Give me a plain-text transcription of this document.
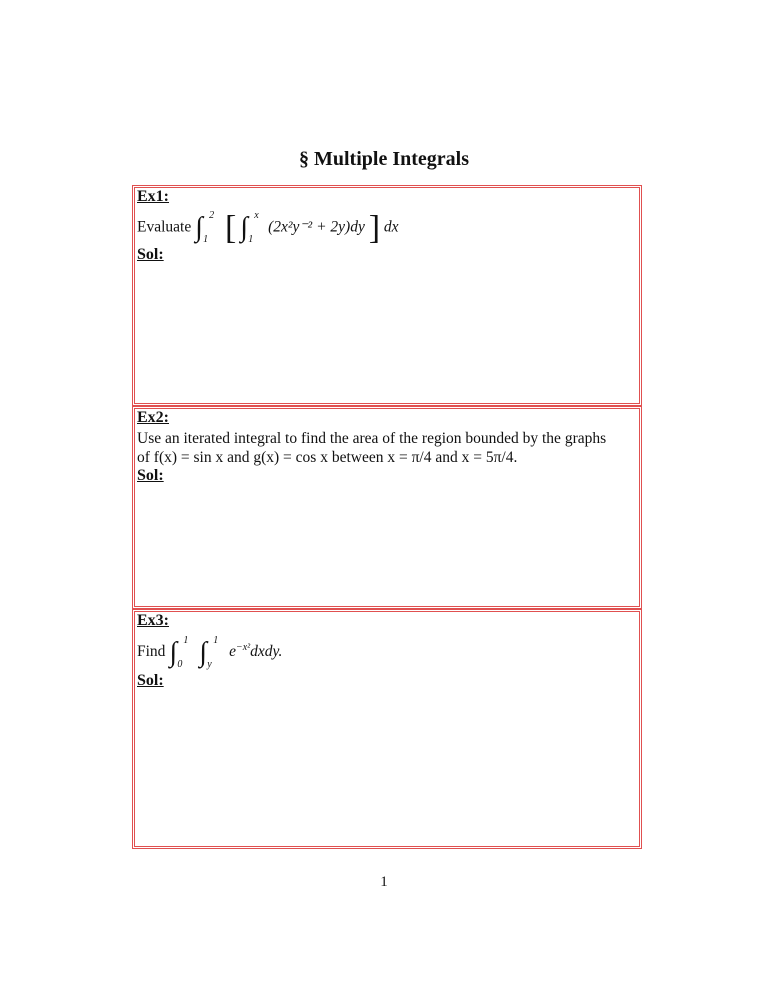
§ Multiple Integrals
Ex1:
Evaluate ∫ 2
1 [ ∫ x
1
(2x²y⁻² + 2y)dy ] dx
Sol:
Ex2:
Use an iterated integral to find the area of the region bounded by the graphs
of f(x) = sin x and g(x) = cos x between x = π/4 and x = 5π/4.
Sol:
Ex3:
Find ∫ 1
0 ∫ 1
y
$e^{-x^2}dxdy$.
Sol:
1
